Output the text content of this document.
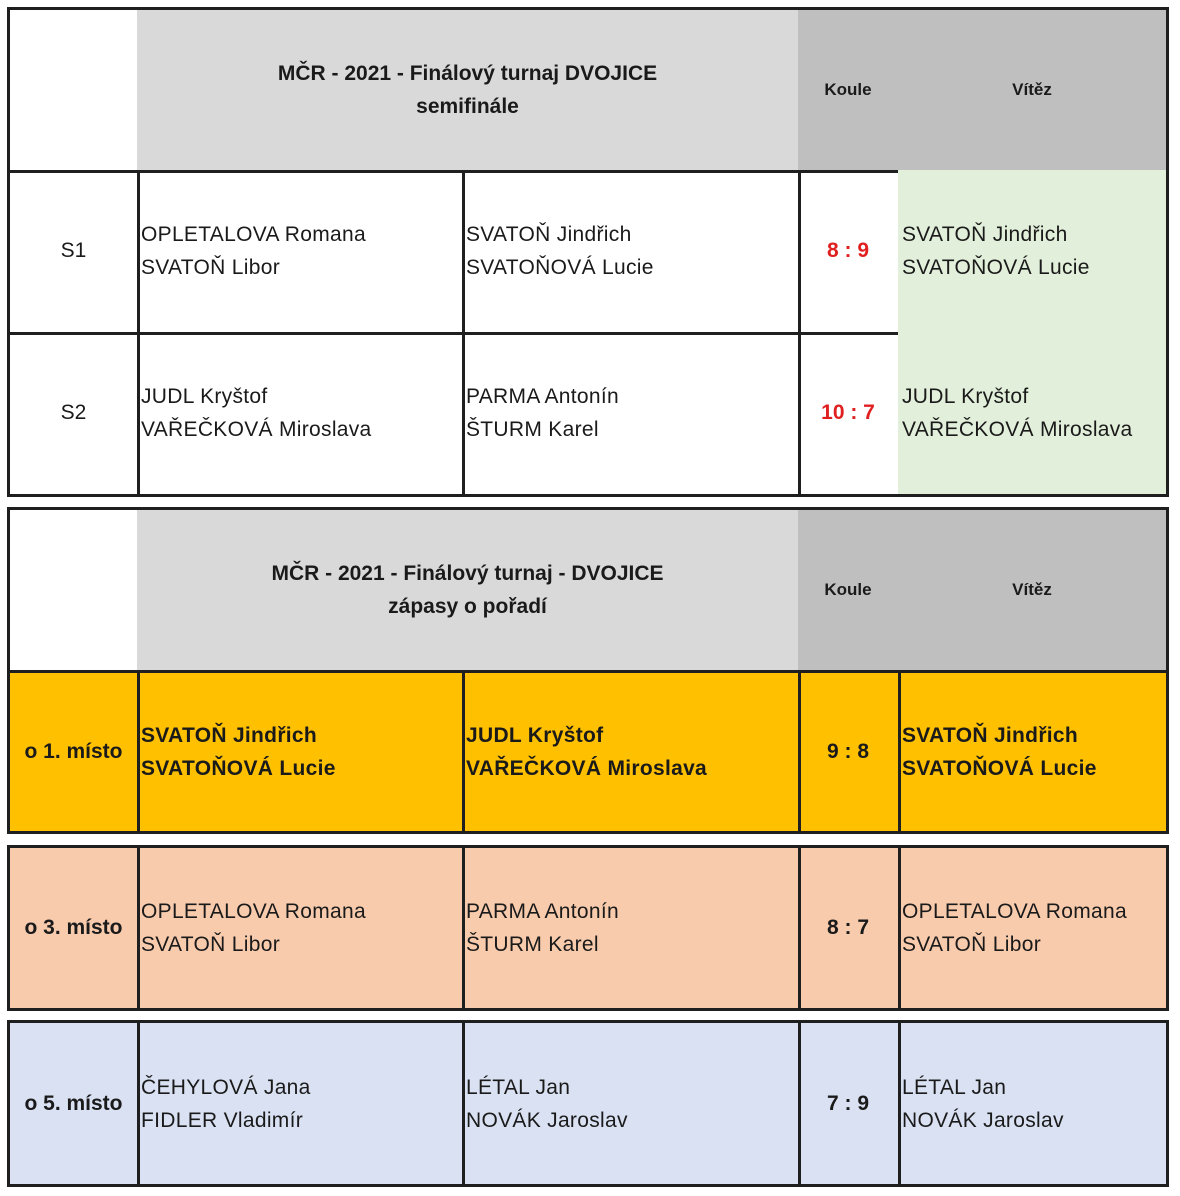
MČR - 2021 - Finálový turnaj DVOJICE
semifinále
Koule	Vítěz
S1
OPLETALOVA Romana
SVATOŇ Libor
SVATOŇ Jindřich
SVATOŇOVÁ Lucie
8 : 9
SVATOŇ Jindřich
SVATOŇOVÁ Lucie
S2
JUDL Kryštof
VAŘEČKOVÁ Miroslava
PARMA Antonín
ŠTURM Karel
10 : 7
JUDL Kryštof
VAŘEČKOVÁ Miroslava
MČR - 2021 - Finálový turnaj - DVOJICE
zápasy o pořadí
Koule	Vítěz
o 1. místo
SVATOŇ Jindřich
SVATOŇOVÁ Lucie
JUDL Kryštof
VAŘEČKOVÁ Miroslava
9 : 8
SVATOŇ Jindřich
SVATOŇOVÁ Lucie
o 3. místo
OPLETALOVA Romana
SVATOŇ Libor
PARMA Antonín
ŠTURM Karel
8 : 7
OPLETALOVA Romana
SVATOŇ Libor
o 5. místo
ČEHYLOVÁ Jana
FIDLER Vladimír
LÉTAL Jan
NOVÁK Jaroslav
7 : 9
LÉTAL Jan
NOVÁK Jaroslav
